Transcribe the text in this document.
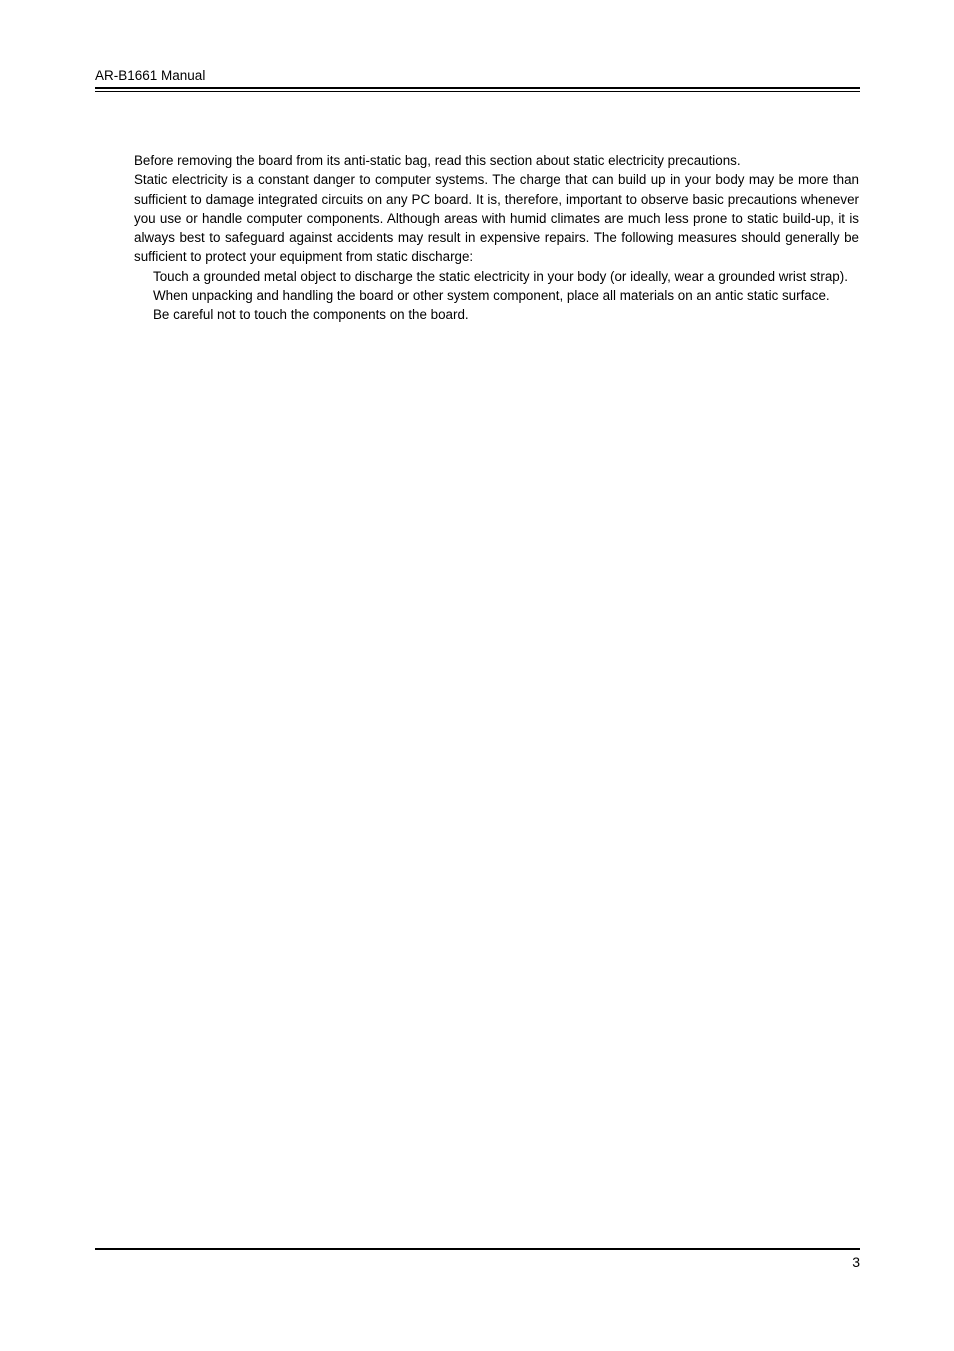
AR-B1661 Manual

Before removing the board from its anti-static bag, read this section about static electricity precautions.

Static electricity is a constant danger to computer systems. The charge that can build up in your body may be more than sufficient to damage integrated circuits on any PC board. It is, therefore, important to observe basic precautions whenever you use or handle computer components. Although areas with humid climates are much less prone to static build-up, it is always best to safeguard against accidents may result in expensive repairs. The following measures should generally be sufficient to protect your equipment from static discharge:

Touch a grounded metal object to discharge the static electricity in your body (or ideally, wear a grounded wrist strap).
When unpacking and handling the board or other system component, place all materials on an antic static surface.
Be careful not to touch the components on the board.
3
